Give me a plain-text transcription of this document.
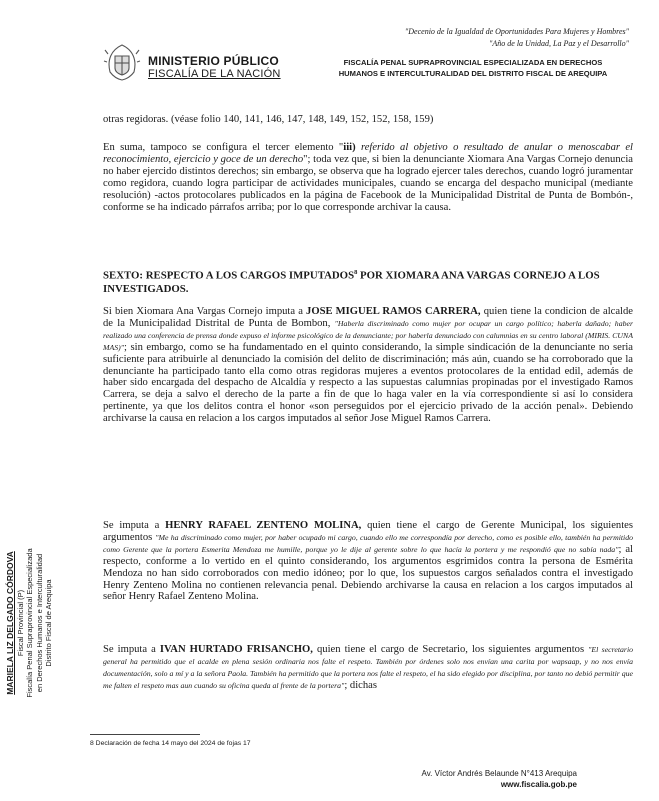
"Decenio de la Igualdad de Oportunidades Para Mujeres y Hombres"
"Año de la Unidad, La Paz y el Desarrollo"
MINISTERIO PÚBLICO
FISCALÍA DE LA NACIÓN
FISCALÍA PENAL SUPRAPROVINCIAL ESPECIALIZADA EN DERECHOS
HUMANOS E INTERCULTURALIDAD DEL DISTRITO FISCAL DE AREQUIPA

otras regidoras. (véase folio 140, 141, 146, 147, 148, 149, 152, 152, 158, 159)

En suma, tampoco se configura el tercer elemento "iii) referido al objetivo o resultado de anular o menoscabar el reconocimiento, ejercicio y goce de un derecho"; toda vez que, si bien la denunciante Xiomara Ana Vargas Cornejo denuncia no haber ejercido distintos derechos; sin embargo, se observa que ha logrado ejercer tales derechos, cuando logró juramentar como regidora, cuando logra participar de actividades municipales, cuando se encarga del despacho municipal (mediante resolución) -actos protocolares publicados en la página de Facebook de la Municipalidad Distrital de Punta de Bombón-, conforme se ha indicado párrafos arriba; por lo que corresponde archivar la causa.

SEXTO: RESPECTO A LOS CARGOS IMPUTADOS$^8$ POR XIOMARA ANA VARGAS CORNEJO A LOS INVESTIGADOS.

Si bien Xiomara Ana Vargas Cornejo imputa a JOSE MIGUEL RAMOS CARRERA, quien tiene la condicion de alcalde de la Municipalidad Distrital de Punta de Bombon, "Haberla discriminado como mujer por ocupar un cargo político; haberla dañado; haber realizado una conferencia de prensa donde expuso el informe psicológico de la denunciante; por haberla denunciado con calumnias en su centro laboral (MIRIS. CUNA MAS)"; sin embargo, como se ha fundamentado en el quinto considerando, la simple sindicación de la denunciante no seria suficiente para atribuirle al denunciado la comisión del delito de discriminación; más aún, cuando se ha corroborado que la denunciante ha participado tanto ella como otras regidoras mujeres a eventos protocolares de la entidad edil, además de haber sido encargada del despacho de Alcaldía y respecto a las supuestas calumnias propinadas por el investigado Ramos Carrera, se deja a salvo el derecho de la parte a fin de que lo haga valer en la vía correspondiente si así lo considera pertinente, ya que los delitos contra el honor «son perseguidos por el ejercicio privado de la acción penal». Debiendo archivarse la causa en relacion a los cargos imputados al señor Jose Miguel Ramos Carrera.

Se imputa a HENRY RAFAEL ZENTENO MOLINA, quien tiene el cargo de Gerente Municipal, los siguientes argumentos "Me ha discriminado como mujer, por haber ocupado mi cargo, cuando ello me correspondía por derecho, como es posible ello, también ha permitido como Gerente que la portera Esmerita Mendoza me humille, porque yo le dije al gerente sobre lo que hacía la portera y me respondió que no sabía nada"; al respecto, conforme a lo vertido en el quinto considerando, los argumentos esgrimidos contra la persona de Esmérita Mendoza no han sido corroborados con medio idóneo; por lo que, los supuestos cargos señalados contra el investigado Henry Zenteno Molina no contienen relevancia penal. Debiendo archivarse la causa en relacion a los cargos imputados al señor Henry Rafael Zenteno Molina.

Se imputa a IVAN HURTADO FRISANCHO, quien tiene el cargo de Secretario, los siguientes argumentos "El secretario general ha permitido que el acalde en plena sesión ordinaria nos falte el respeto. También por órdenes solo nos envían una carita por wapsaap, y no nos envía documentación, solo a mí y a la señora Paola. También ha permitido que la portera nos falte el respeto, el ha sido elegido por disciplina, por tanto no debió permitir que me falten el respeto mas aun cuando su oficina queda al frente de la portera"; dichas

8 Declaración de fecha 14 mayo del 2024 de fojas 17
Av. Víctor Andrés Belaunde N°413 Arequipa
www.fiscalia.gob.pe
MARIELA LIZ DELGADO CÓRDOVA Fiscal Provincial (P) Fiscalía Penal Supraprovincial Especializada en Derechos Humanos e Interculturalidad Distrito Fiscal de Arequipa
